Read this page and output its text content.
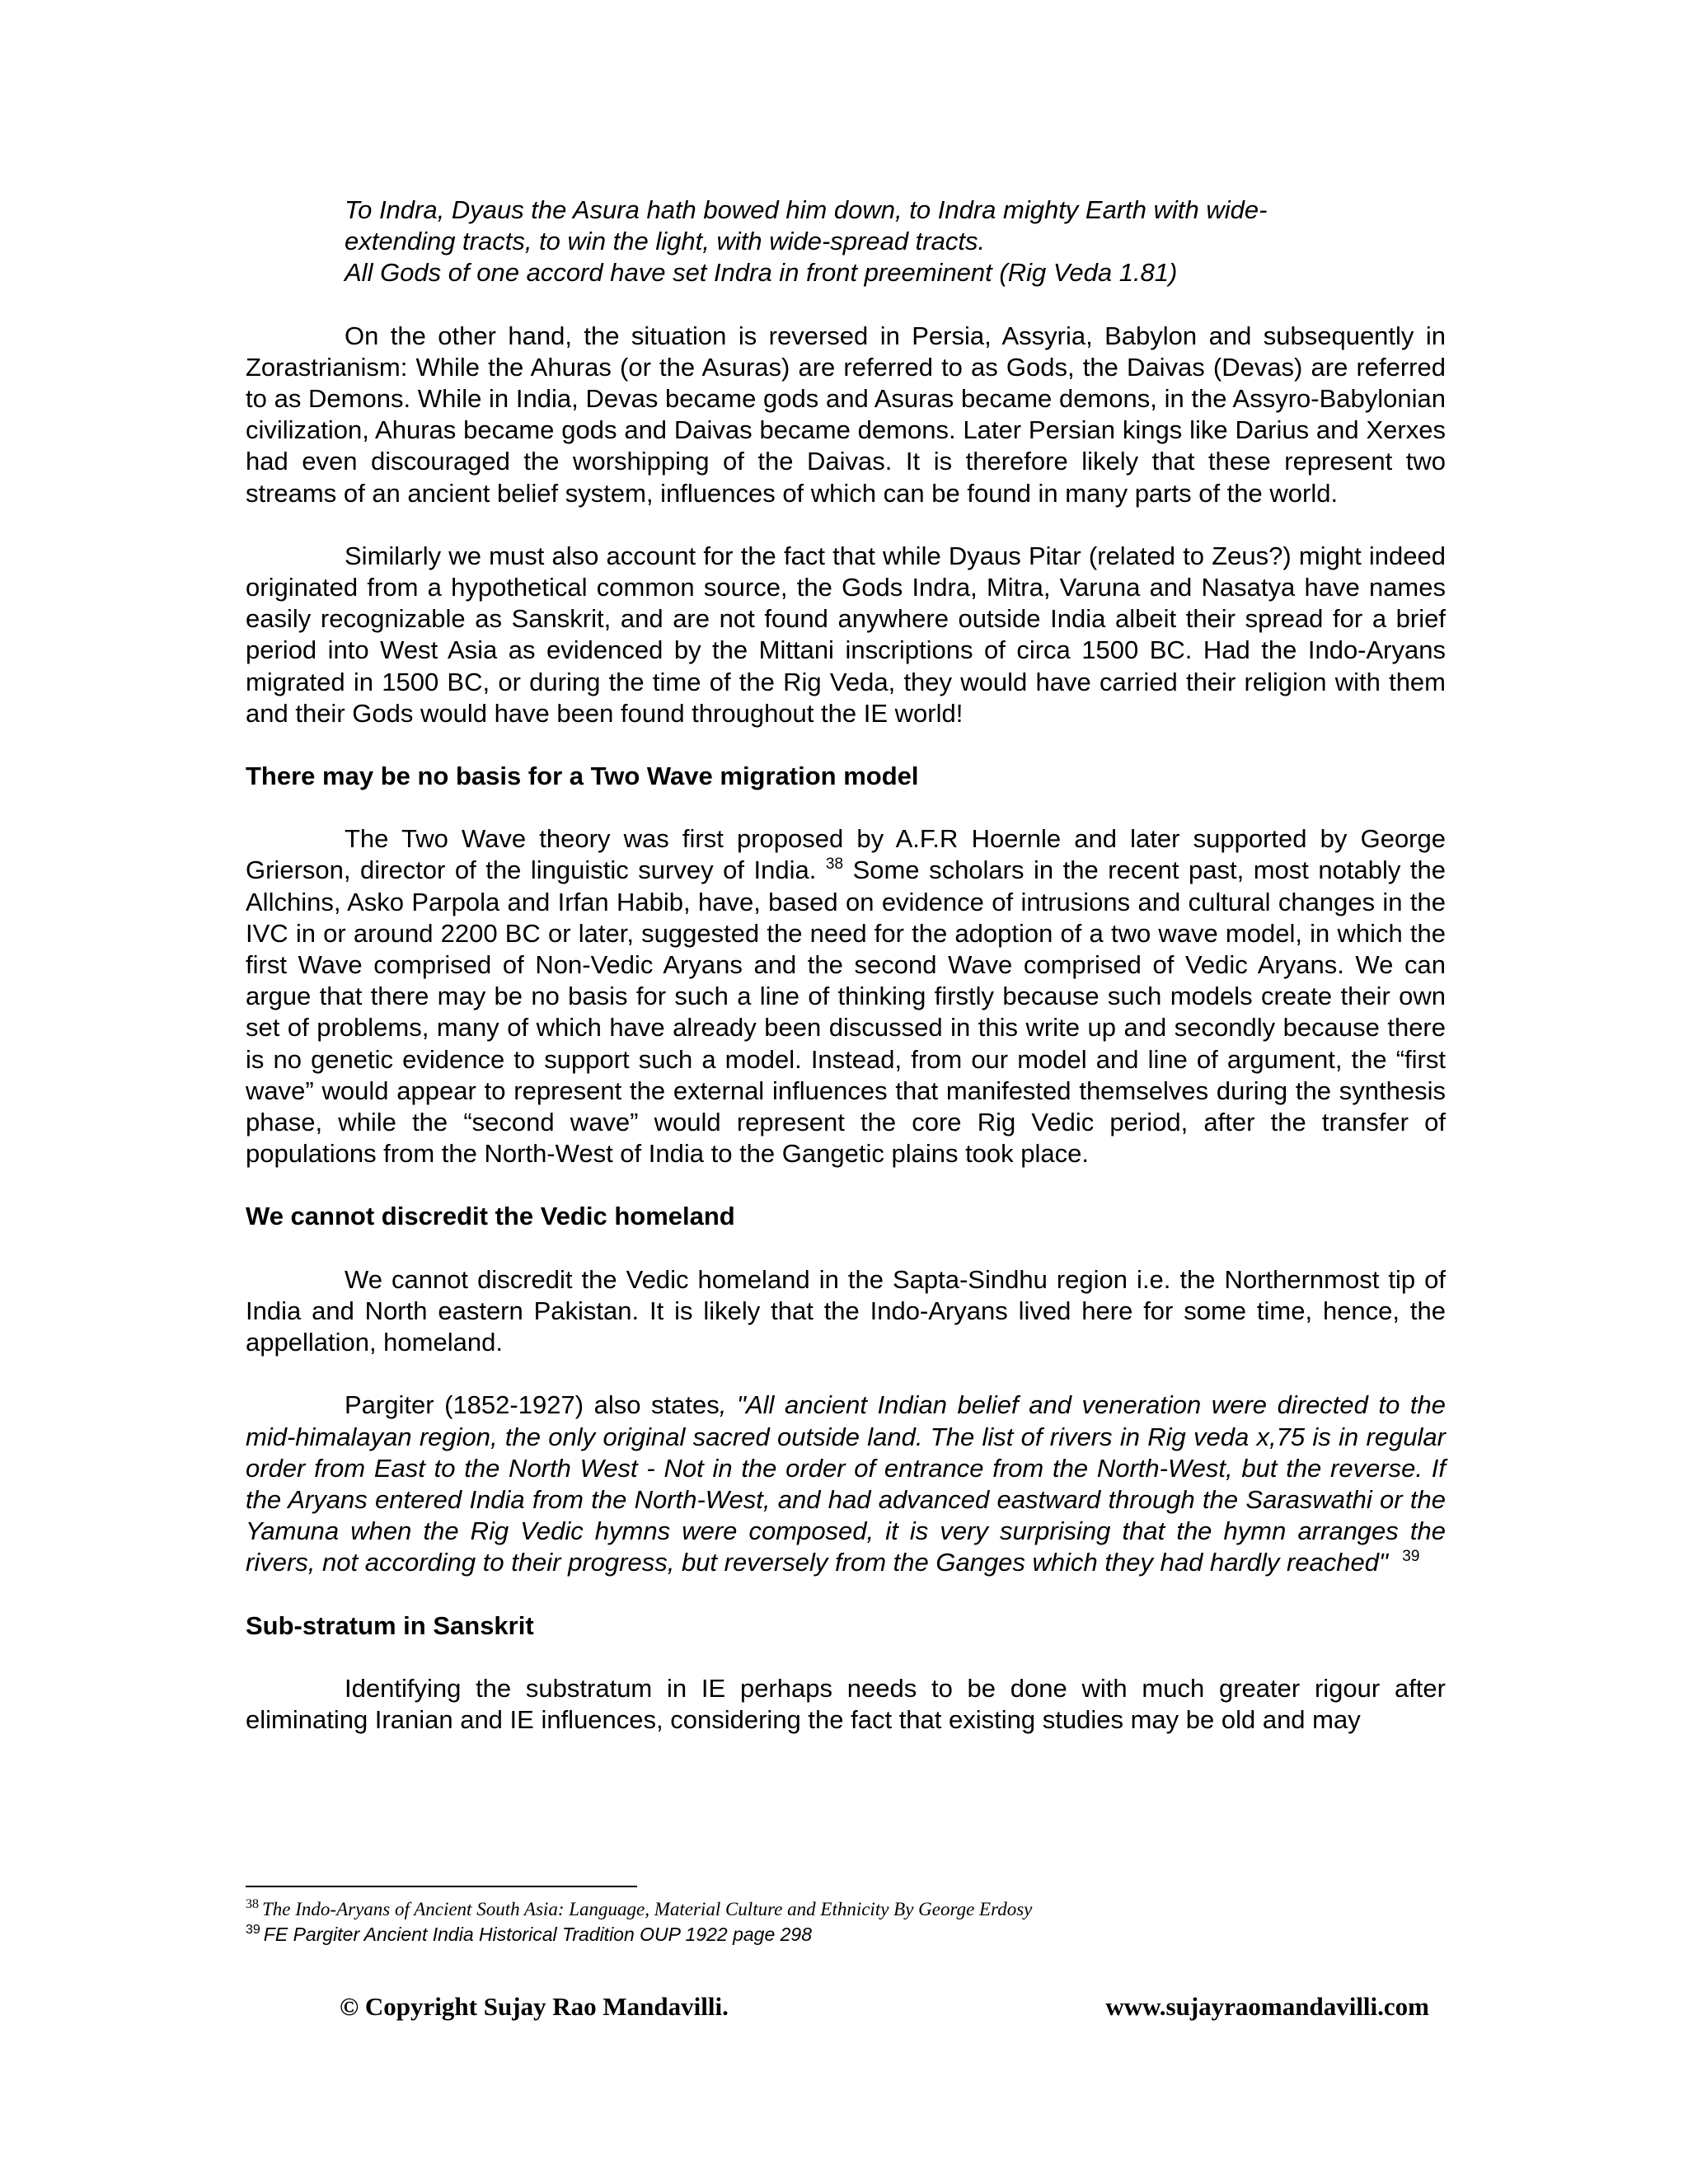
To Indra, Dyaus the Asura hath bowed him down, to Indra mighty Earth with wide-

extending tracts, to win the light, with wide-spread tracts.

All Gods of one accord have set Indra in front preeminent (Rig Veda 1.81)

On the other hand, the situation is reversed in Persia, Assyria, Babylon and subsequently in Zorastrianism: While the Ahuras (or the Asuras) are referred to as Gods, the Daivas (Devas) are referred to as Demons. While in India, Devas became gods and Asuras became demons, in the Assyro-Babylonian civilization, Ahuras became gods and Daivas became demons. Later Persian kings like Darius and Xerxes had even discouraged the worshipping of the Daivas. It is therefore likely that these represent two streams of an ancient belief system, influences of which can be found in many parts of the world.

Similarly we must also account for the fact that while Dyaus Pitar (related to Zeus?) might indeed originated from a hypothetical common source, the Gods Indra, Mitra, Varuna and Nasatya have names easily recognizable as Sanskrit, and are not found anywhere outside India albeit their spread for a brief period into West Asia as evidenced by the Mittani inscriptions of circa 1500 BC. Had the Indo-Aryans migrated in 1500 BC, or during the time of the Rig Veda, they would have carried their religion with them and their Gods would have been found throughout the IE world!

There may be no basis for a Two Wave migration model

The Two Wave theory was first proposed by A.F.R Hoernle and later supported by George Grierson, director of the linguistic survey of India. $^{38}$ Some scholars in the recent past, most notably the Allchins, Asko Parpola and Irfan Habib, have, based on evidence of intrusions and cultural changes in the IVC in or around 2200 BC or later, suggested the need for the adoption of a two wave model, in which the first Wave comprised of Non-Vedic Aryans and the second Wave comprised of Vedic Aryans. We can argue that there may be no basis for such a line of thinking firstly because such models create their own set of problems, many of which have already been discussed in this write up and secondly because there is no genetic evidence to support such a model. Instead, from our model and line of argument, the “first wave” would appear to represent the external influences that manifested themselves during the synthesis phase, while the “second wave” would represent the core Rig Vedic period, after the transfer of populations from the North-West of India to the Gangetic plains took place.

We cannot discredit the Vedic homeland

We cannot discredit the Vedic homeland in the Sapta-Sindhu region i.e. the Northernmost tip of India and North eastern Pakistan. It is likely that the Indo-Aryans lived here for some time, hence, the appellation, homeland.

Pargiter (1852-1927) also states, "All ancient Indian belief and veneration were directed to the mid-himalayan region, the only original sacred outside land. The list of rivers in Rig veda x,75 is in regular order from East to the North West - Not in the order of entrance from the North-West, but the reverse. If the Aryans entered India from the North-West, and had advanced eastward through the Saraswathi or the Yamuna when the Rig Vedic hymns were composed, it is very surprising that the hymn arranges the rivers, not according to their progress, but reversely from the Ganges which they had hardly reached" $^{39}$

Sub-stratum in Sanskrit

Identifying the substratum in IE perhaps needs to be done with much greater rigour after eliminating Iranian and IE influences, considering the fact that existing studies may be old and may

$^{38}$ The Indo-Aryans of Ancient South Asia: Language, Material Culture and Ethnicity By George Erdosy
$^{39}$ FE Pargiter Ancient India Historical Tradition OUP 1922 page 298
© Copyright Sujay Rao Mandavilli.	www.sujayraomandavilli.com
